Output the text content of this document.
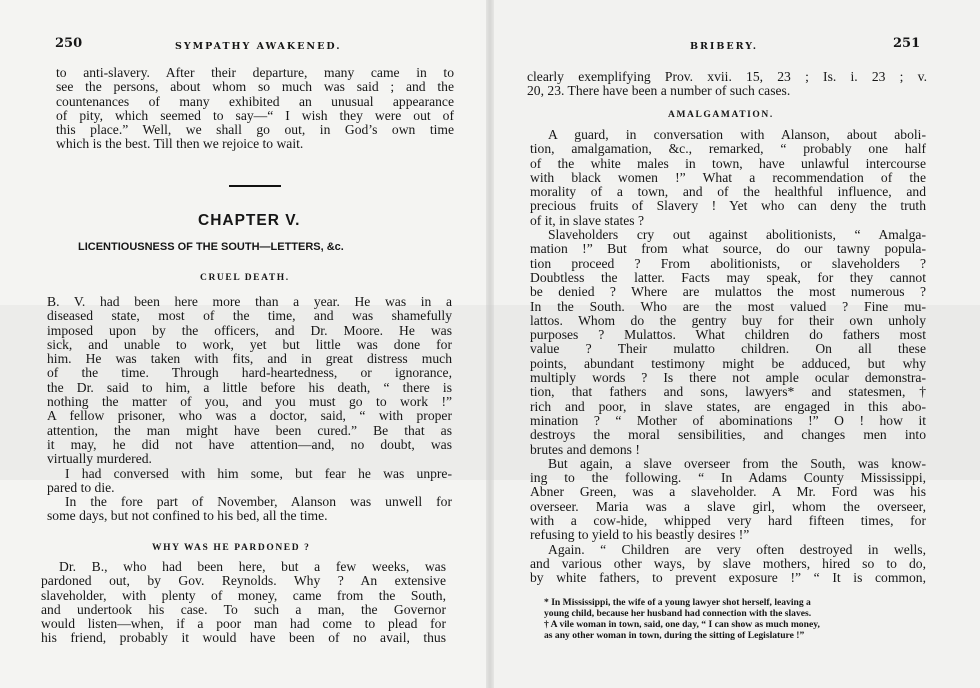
250	SYMPATHY AWAKENED.
to anti-slavery. After their departure, many came in to
see the persons, about whom so much was said ; and the
countenances of many exhibited an unusual appearance
of pity, which seemed to say—“ I wish they were out of
this place.” Well, we shall go out, in God’s own time
which is the best. Till then we rejoice to wait.
CHAPTER V.
LICENTIOUSNESS OF THE SOUTH—LETTERS, &c.
CRUEL DEATH.
B. V. had been here more than a year. He was in a
diseased state, most of the time, and was shamefully
imposed upon by the officers, and Dr. Moore. He was
sick, and unable to work, yet but little was done for
him. He was taken with fits, and in great distress much
of the time. Through hard-heartedness, or ignorance,
the Dr. said to him, a little before his death, “ there is
nothing the matter of you, and you must go to work !”
A fellow prisoner, who was a doctor, said, “ with proper
attention, the man might have been cured.” Be that as
it may, he did not have attention—and, no doubt, was
virtually murdered.
I had conversed with him some, but fear he was unpre-
pared to die.
In the fore part of November, Alanson was unwell for
some days, but not confined to his bed, all the time.
WHY WAS HE PARDONED ?
Dr. B., who had been here, but a few weeks, was
pardoned out, by Gov. Reynolds. Why ? An extensive
slaveholder, with plenty of money, came from the South,
and undertook his case. To such a man, the Governor
would listen—when, if a poor man had come to plead for
his friend, probably it would have been of no avail, thus
BRIBERY.	251
clearly exemplifying Prov. xvii. 15, 23 ; Is. i. 23 ; v.
20, 23. There have been a number of such cases.
AMALGAMATION.
A guard, in conversation with Alanson, about aboli-
tion, amalgamation, &c., remarked, “ probably one half
of the white males in town, have unlawful intercourse
with black women !” What a recommendation of the
morality of a town, and of the healthful influence, and
precious fruits of Slavery ! Yet who can deny the truth
of it, in slave states ?
Slaveholders cry out against abolitionists, “ Amalga-
mation !” But from what source, do our tawny popula-
tion proceed ? From abolitionists, or slaveholders ?
Doubtless the latter. Facts may speak, for they cannot
be denied ? Where are mulattos the most numerous ?
In the South. Who are the most valued ? Fine mu-
lattos. Whom do the gentry buy for their own unholy
purposes ? Mulattos. What children do fathers most
value ? Their mulatto children. On all these
points, abundant testimony might be adduced, but why
multiply words ? Is there not ample ocular demonstra-
tion, that fathers and sons, lawyers* and statesmen,†
rich and poor, in slave states, are engaged in this abo-
mination ? “ Mother of abominations !” O ! how it
destroys the moral sensibilities, and changes men into
brutes and demons !
But again, a slave overseer from the South, was know-
ing to the following. “ In Adams County Mississippi,
Abner Green, was a slaveholder. A Mr. Ford was his
overseer. Maria was a slave girl, whom the overseer,
with a cow-hide, whipped very hard fifteen times, for
refusing to yield to his beastly desires !”
Again. “ Children are very often destroyed in wells,
and various other ways, by slave mothers, hired so to do,
by white fathers, to prevent exposure !” “ It is common,
* In Mississippi, the wife of a young lawyer shot herself, leaving a
young child, because her husband had connection with the slaves.
† A vile woman in town, said, one day, “ I can show as much money,
as any other woman in town, during the sitting of Legislature !”
